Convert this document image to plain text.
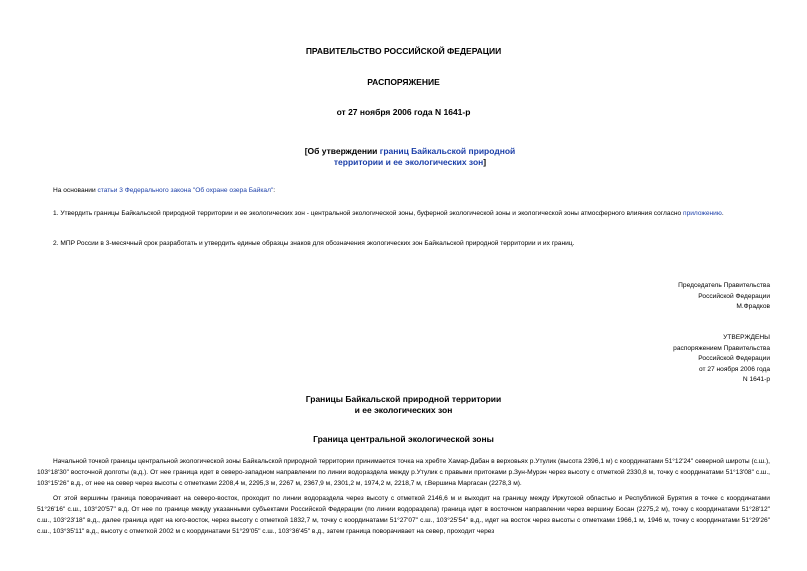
ПРАВИТЕЛЬСТВО РОССИЙСКОЙ ФЕДЕРАЦИИ
РАСПОРЯЖЕНИЕ
от 27 ноября 2006 года N 1641-р
[Об утверждении границ Байкальской природной территории и ее экологических зон]
На основании статьи 3 Федерального закона "Об охране озера Байкал":
1. Утвердить границы Байкальской природной территории и ее экологических зон - центральной экологической зоны, буферной экологической зоны и экологической зоны атмосферного влияния согласно приложению.
2. МПР России в 3-месячный срок разработать и утвердить единые образцы знаков для обозначения экологических зон Байкальской природной территории и их границ.
Председатель Правительства
Российской Федерации
М.Фрадков
УТВЕРЖДЕНЫ
распоряжением Правительства
Российской Федерации
от 27 ноября 2006 года
N 1641-р
Границы Байкальской природной территории
и ее экологических зон
Граница центральной экологической зоны
Начальной точкой границы центральной экологической зоны Байкальской природной территории принимается точка на хребте Хамар-Дабан в верховьях р.Утулик (высота 2396,1 м) с координатами 51°12'24" северной широты (с.ш.), 103°18'30" восточной долготы (в.д.). От нее граница идет в северо-западном направлении по линии водораздела между р.Утулик с правыми притоками р.Зун-Мурэн через высоту с отметкой 2330,8 м, точку с координатами 51°13'08" с.ш., 103°15'26" в.д., от нее на север через высоты с отметками 2208,4 м, 2295,3 м, 2267 м, 2367,9 м, 2301,2 м, 1974,2 м, 2218,7 м, г.Вершина Маргасан (2278,3 м).
От этой вершины граница поворачивает на северо-восток, проходит по линии водораздела через высоту с отметкой 2146,6 м и выходит на границу между Иркутской областью и Республикой Бурятия в точке с координатами 51°26'16" с.ш., 103°20'57" в.д. От нее по границе между указанными субъектами Российской Федерации (по линии водораздела) граница идет в восточном направлении через вершину Босан (2275,2 м), точку с координатами 51°28'12" с.ш., 103°23'18" в.д., далее граница идет на юго-восток, через высоту с отметкой 1832,7 м, точку с координатами 51°27'07" с.ш., 103°25'54" в.д., идет на восток через высоты с отметками 1966,1 м, 1946 м, точку с координатами 51°29'26" с.ш., 103°35'11" в.д., высоту с отметкой 2002 м с координатами 51°29'05" с.ш., 103°36'45" в.д., затем граница поворачивает на север, проходит через
